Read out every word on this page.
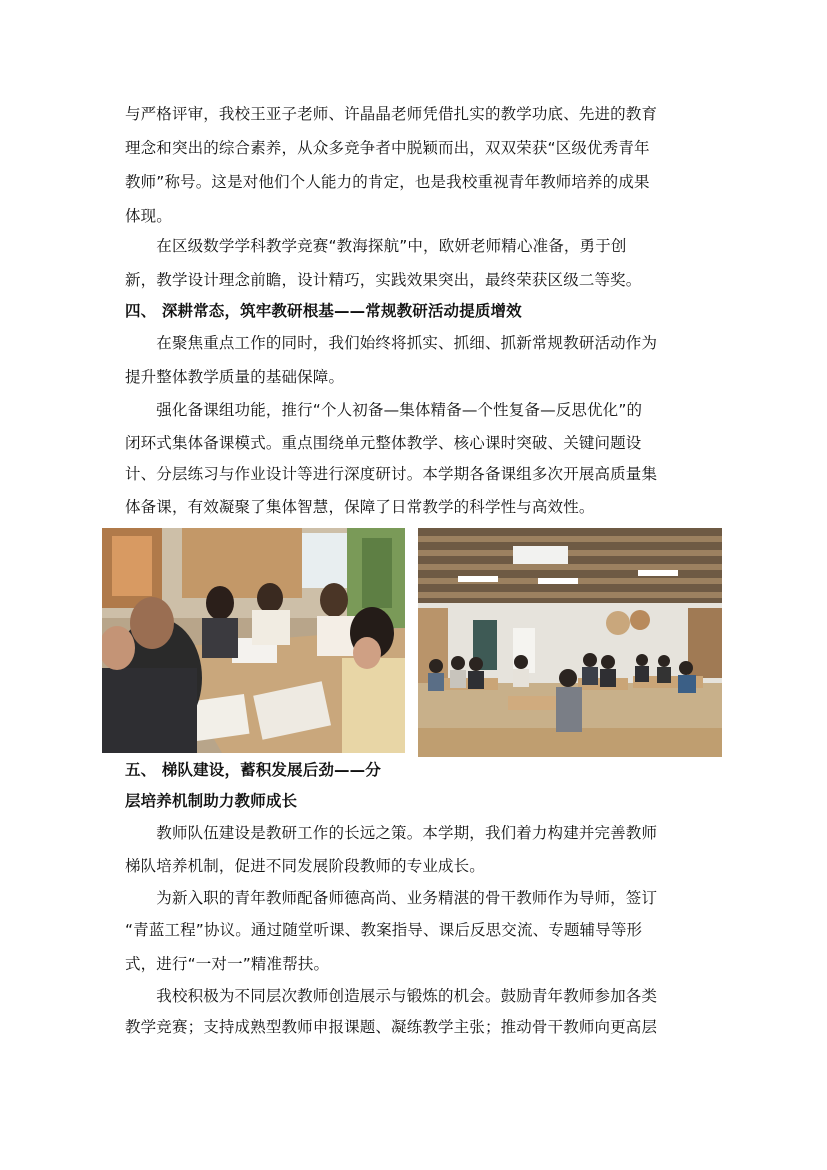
与严格评审，我校王亚子老师、许晶晶老师凭借扎实的教学功底、先进的教育
理念和突出的综合素养，从众多竞争者中脱颖而出，双双荣获“区级优秀青年
教师”称号。这是对他们个人能力的肯定，也是我校重视青年教师培养的成果
体现。
　　在区级数学学科教学竞赛“教海探航”中，欧妍老师精心准备，勇于创
新，教学设计理念前瞻，设计精巧，实践效果突出，最终荣获区级二等奖。
四、 深耕常态，筑牢教研根基——常规教研活动提质增效
　　在聚焦重点工作的同时，我们始终将抓实、抓细、抓新常规教研活动作为
提升整体教学质量的基础保障。
　　强化备课组功能，推行“个人初备—集体精备—个性复备—反思优化”的
闭环式集体备课模式。重点围绕单元整体教学、核心课时突破、关键问题设
计、分层练习与作业设计等进行深度研讨。本学期各备课组多次开展高质量集
体备课，有效凝聚了集体智慧，保障了日常教学的科学性与高效性。
五、 梯队建设，蓄积发展后劲——分
层培养机制助力教师成长
　　教师队伍建设是教研工作的长远之策。本学期，我们着力构建并完善教师
梯队培养机制，促进不同发展阶段教师的专业成长。
　　为新入职的青年教师配备师德高尚、业务精湛的骨干教师作为导师，签订
“青蓝工程”协议。通过随堂听课、教案指导、课后反思交流、专题辅导等形
式，进行“一对一”精准帮扶。
　　我校积极为不同层次教师创造展示与锻炼的机会。鼓励青年教师参加各类
教学竞赛；支持成熟型教师申报课题、凝练教学主张；推动骨干教师向更高层
